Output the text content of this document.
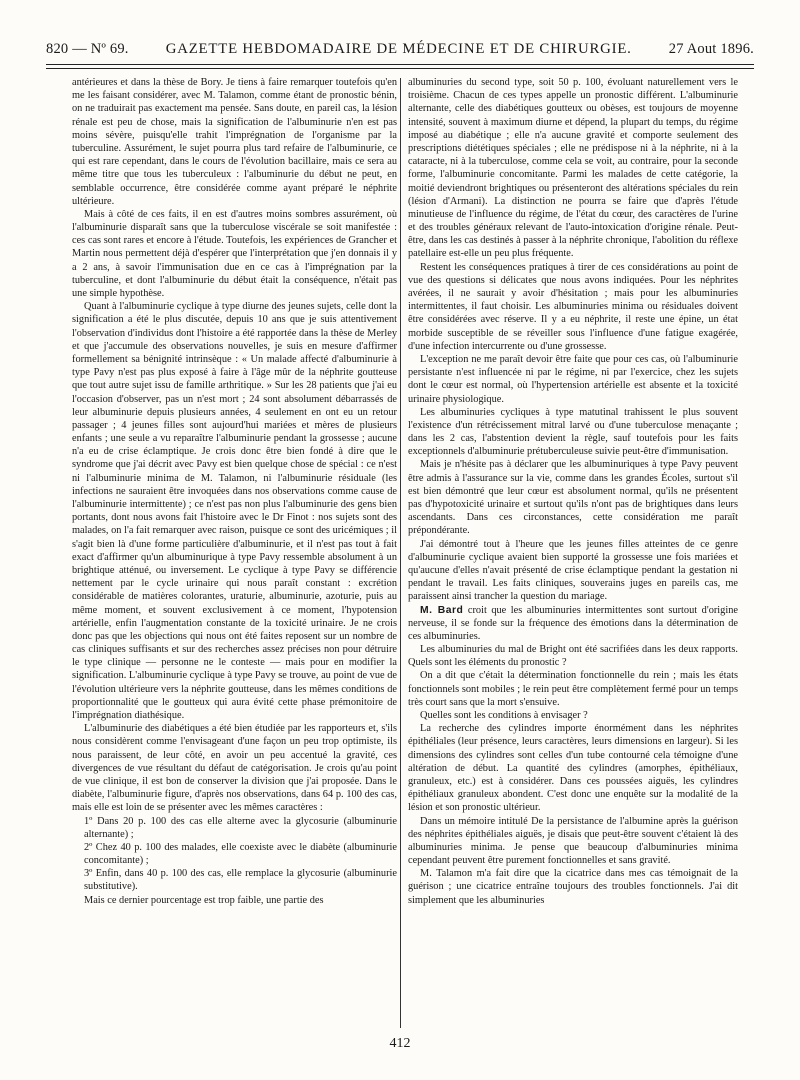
820 — Nº 69.	GAZETTE HEBDOMADAIRE DE MÉDECINE ET DE CHIRURGIE.	27 Aout 1896.

antérieures et dans la thèse de Bory. Je tiens à faire remarquer toutefois qu'en me les faisant considérer, avec M. Talamon, comme étant de pronostic bénin, on ne traduirait pas exactement ma pensée. Sans doute, en pareil cas, la lésion rénale est peu de chose, mais la signification de l'albuminurie n'en est pas moins sévère, puisqu'elle trahit l'imprégnation de l'organisme par la tuberculine. Assurément, le sujet pourra plus tard refaire de l'albuminurie, ce qui est rare cependant, dans le cours de l'évolution bacillaire, mais ce sera au même titre que tous les tuberculeux : l'albuminurie du début ne peut, en semblable occurrence, être considérée comme ayant préparé le néphrite ultérieure.

Mais à côté de ces faits, il en est d'autres moins sombres assurément, où l'albuminurie disparaît sans que la tuberculose viscérale se soit manifestée : ces cas sont rares et encore à l'étude. Toutefois, les expériences de Grancher et Martin nous permettent déjà d'espérer que l'interprétation que j'en donnais il y a 2 ans, à savoir l'immunisation due en ce cas à l'imprégnation par la tuberculine, et dont l'albuminurie du début était la conséquence, n'était pas une simple hypothèse.

Quant à l'albuminurie cyclique à type diurne des jeunes sujets, celle dont la signification a été le plus discutée, depuis 10 ans que je suis attentivement l'observation d'individus dont l'histoire a été rapportée dans la thèse de Merley et que j'accumule des observations nouvelles, je suis en mesure d'affirmer formellement sa bénignité intrinsèque : « Un malade affecté d'albuminurie à type Pavy n'est pas plus exposé à faire à l'âge mûr de la néphrite goutteuse que tout autre sujet issu de famille arthritique. » Sur les 28 patients que j'ai eu l'occasion d'observer, pas un n'est mort ; 24 sont absolument débarrassés de leur albuminurie depuis plusieurs années, 4 seulement en ont eu un retour passager ; 4 jeunes filles sont aujourd'hui mariées et mères de plusieurs enfants ; une seule a vu reparaître l'albuminurie pendant la grossesse ; aucune n'a eu de crise éclamptique. Je crois donc être bien fondé à dire que le syndrome que j'ai décrit avec Pavy est bien quelque chose de spécial : ce n'est ni l'albuminurie minima de M. Talamon, ni l'albuminurie résiduale (les infections ne sauraient être invoquées dans nos observations comme cause de l'albuminurie intermittente) ; ce n'est pas non plus l'albuminurie des gens bien portants, dont nous avons fait l'histoire avec le Dr Finot : nos sujets sont des malades, on l'a fait remarquer avec raison, puisque ce sont des uricémiques ; il s'agit bien là d'une forme particulière d'albuminurie, et il n'est pas tout à fait exact d'affirmer qu'un albuminurique à type Pavy ressemble absolument à un brightique atténué, ou inversement. Le cyclique à type Pavy se différencie nettement par le cycle urinaire qui nous paraît constant : excrétion considérable de matières colorantes, uraturie, albuminurie, azoturie, puis au même moment, et souvent exclusivement à ce moment, l'hypotension artérielle, enfin l'augmentation constante de la toxicité urinaire. Je ne crois donc pas que les objections qui nous ont été faites reposent sur un nombre de cas cliniques suffisants et sur des recherches assez précises non pour détruire le type clinique — personne ne le conteste — mais pour en modifier la signification. L'albuminurie cyclique à type Pavy se trouve, au point de vue de l'évolution ultérieure vers la néphrite goutteuse, dans les mêmes conditions de proportionnalité que le goutteux qui aura évité cette phase prémonitoire de l'imprégnation diathésique.

L'albuminurie des diabétiques a été bien étudiée par les rapporteurs et, s'ils nous considèrent comme l'envisageant d'une façon un peu trop optimiste, ils nous paraissent, de leur côté, en avoir un peu accentué la gravité, ces divergences de vue résultant du défaut de catégorisation. Je crois qu'au point de vue clinique, il est bon de conserver la division que j'ai proposée. Dans le diabète, l'albuminurie figure, d'après nos observations, dans 64 p. 100 des cas, mais elle est loin de se présenter avec les mêmes caractères :

1º Dans 20 p. 100 des cas elle alterne avec la glycosurie (albuminurie alternante) ;

2º Chez 40 p. 100 des malades, elle coexiste avec le diabète (albuminurie concomitante) ;

3º Enfin, dans 40 p. 100 des cas, elle remplace la glycosurie (albuminurie substitutive).

Mais ce dernier pourcentage est trop faible, une partie des

albuminuries du second type, soit 50 p. 100, évoluant naturellement vers le troisième. Chacun de ces types appelle un pronostic différent. L'albuminurie alternante, celle des diabétiques goutteux ou obèses, est toujours de moyenne intensité, souvent à maximum diurne et dépend, la plupart du temps, du régime imposé au diabétique ; elle n'a aucune gravité et comporte seulement des prescriptions diététiques spéciales ; elle ne prédispose ni à la néphrite, ni à la cataracte, ni à la tuberculose, comme cela se voit, au contraire, pour la seconde forme, l'albuminurie concomitante. Parmi les malades de cette catégorie, la moitié deviendront brightiques ou présenteront des altérations spéciales du rein (lésion d'Armani). La distinction ne pourra se faire que d'après l'étude minutieuse de l'influence du régime, de l'état du cœur, des caractères de l'urine et des troubles généraux relevant de l'auto-intoxication d'origine rénale. Peut-être, dans les cas destinés à passer à la néphrite chronique, l'abolition du réflexe patellaire est-elle un peu plus fréquente.

Restent les conséquences pratiques à tirer de ces considérations au point de vue des questions si délicates que nous avons indiquées. Pour les néphrites avérées, il ne saurait y avoir d'hésitation ; mais pour les albuminuries intermittentes, il faut choisir. Les albuminuries minima ou résiduales doivent être considérées avec réserve. Il y a eu néphrite, il reste une épine, un état morbide susceptible de se réveiller sous l'influence d'une fatigue exagérée, d'une infection intercurrente ou d'une grossesse.

L'exception ne me paraît devoir être faite que pour ces cas, où l'albuminurie persistante n'est influencée ni par le régime, ni par l'exercice, chez les sujets dont le cœur est normal, où l'hypertension artérielle est absente et la toxicité urinaire physiologique.

Les albuminuries cycliques à type matutinal trahissent le plus souvent l'existence d'un rétrécissement mitral larvé ou d'une tuberculose menaçante ; dans les 2 cas, l'abstention devient la règle, sauf toutefois pour les faits exceptionnels d'albuminurie prétuberculeuse suivie peut-être d'immunisation.

Mais je n'hésite pas à déclarer que les albuminuriques à type Pavy peuvent être admis à l'assurance sur la vie, comme dans les grandes Écoles, surtout s'il est bien démontré que leur cœur est absolument normal, qu'ils ne présentent pas d'hypotoxicité urinaire et surtout qu'ils n'ont pas de brightiques dans leurs ascendants. Dans ces circonstances, cette considération me paraît prépondérante.

J'ai démontré tout à l'heure que les jeunes filles atteintes de ce genre d'albuminurie cyclique avaient bien supporté la grossesse une fois mariées et qu'aucune d'elles n'avait présenté de crise éclamptique pendant la gestation ni pendant le travail. Les faits cliniques, souverains juges en pareils cas, me paraissent ainsi trancher la question du mariage.

M. Bard croit que les albuminuries intermittentes sont surtout d'origine nerveuse, il se fonde sur la fréquence des émotions dans la détermination de ces albuminuries.

Les albuminuries du mal de Bright ont été sacrifiées dans les deux rapports. Quels sont les éléments du pronostic ?

On a dit que c'était la détermination fonctionnelle du rein ; mais les états fonctionnels sont mobiles ; le rein peut être complètement fermé pour un temps très court sans que la mort s'ensuive.

Quelles sont les conditions à envisager ?

La recherche des cylindres importe énormément dans les néphrites épithéliales (leur présence, leurs caractères, leurs dimensions en largeur). Si les dimensions des cylindres sont celles d'un tube contourné cela témoigne d'une altération de début. La quantité des cylindres (amorphes, épithéliaux, granuleux, etc.) est à considérer. Dans ces poussées aiguës, les cylindres épithéliaux granuleux abondent. C'est donc une enquête sur la modalité de la lésion et son pronostic ultérieur.

Dans un mémoire intitulé De la persistance de l'albumine après la guérison des néphrites épithéliales aiguës, je disais que peut-être souvent c'étaient là des albuminuries minima. Je pense que beaucoup d'albuminuries minima cependant peuvent être purement fonctionnelles et sans gravité.

M. Talamon m'a fait dire que la cicatrice dans mes cas témoignait de la guérison ; une cicatrice entraîne toujours des troubles fonctionnels. J'ai dit simplement que les albuminuries

412
